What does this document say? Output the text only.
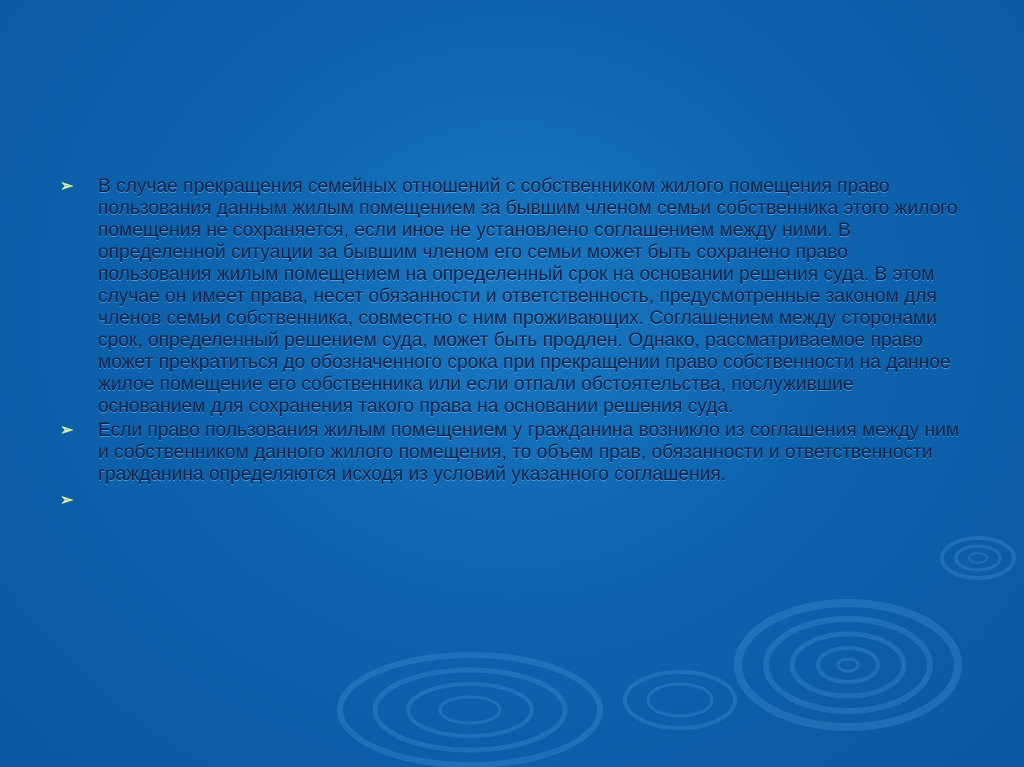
➢ В случае прекращения семейных отношений с собственником жилого помещения право пользования данным жилым помещением за бывшим членом семьи собственника этого жилого помещения не сохраняется, если иное не установлено соглашением между ними. В определенной ситуации за бывшим членом его семьи может быть сохранено право пользования жилым помещением на определенный срок на основании решения суда. В этом случае он имеет права, несет обязанности и ответственность, предусмотренные законом для членов семьи собственника, совместно с ним проживающих. Соглашением между сторонами срок, определенный решением суда, может быть продлен. Однако, рассматриваемое право может прекратиться до обозначенного срока при прекращении право собственности на данное жилое помещение его собственника или если отпали обстоятельства, послужившие основанием для сохранения такого права на основании решения суда.
➢ Если право пользования жилым помещением у гражданина возникло из соглашения между ним и собственником данного жилого помещения, то объем прав, обязанности и ответственности гражданина определяются исходя из условий указанного соглашения.
➢
